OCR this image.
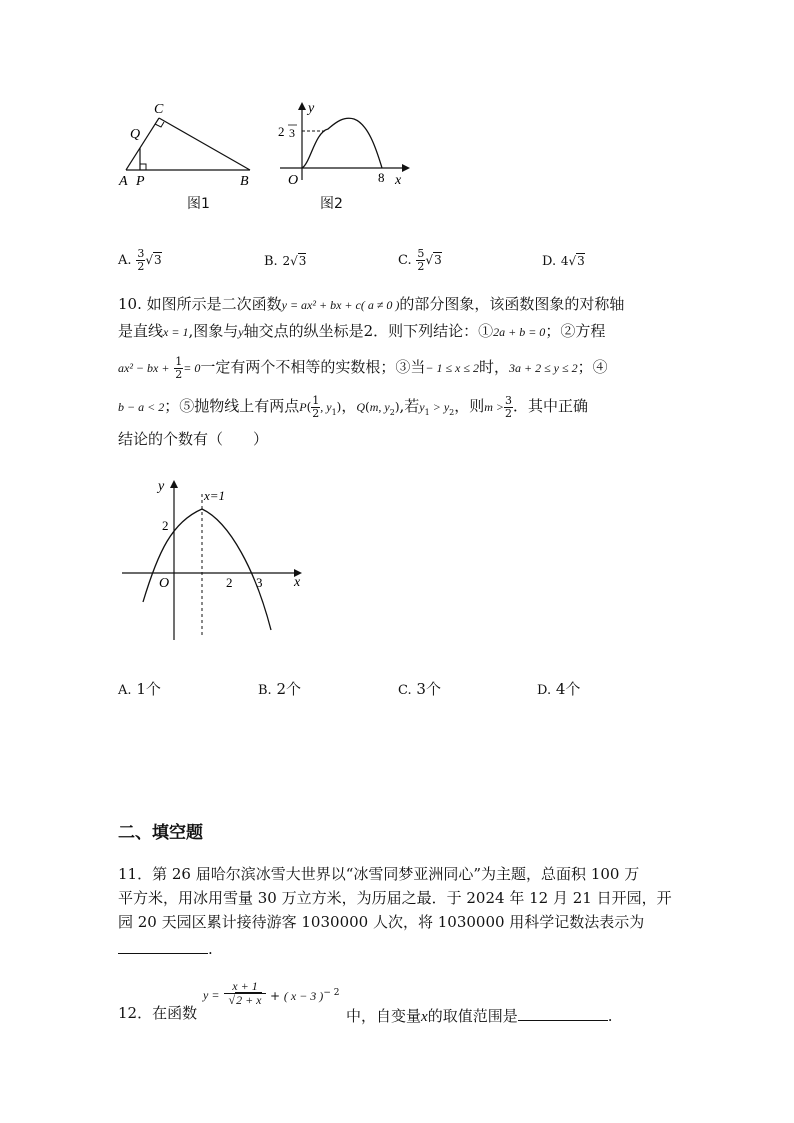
C
Q
A P	B
图1
y
2 3
O	8 x
图2
A. $\frac{3}{2} √3$	B. 2√3	C. $\frac{5}{2} √3$	D. 4√3
10. 如图所示是二次函数y = ax² + bx + c( a ≠ 0 )的部分图象，该函数图象的对称轴
是直线x = 1,图象与y轴交点的纵坐标是2．则下列结论：①2a + b = 0；②方程
ax² − bx + $\frac{1}{2} = 0$一定有两个不相等的实数根；③当− 1 ≤ x ≤ 2时，3a + 2 ≤ y ≤ 2；④
b − a < 2；⑤抛物线上有两点$P( \frac{1}{2}$ , $y_1$)，Q(m, $y_2$),若$y_1 > y_2$，则$m > \frac{3}{2}$ ．其中正确
结论的个数有（　　）
y
x=1
2
O	2 3 x
A. 1个	B. 2个	C. 3个	D. 4个
二、填空题
11．第 26 届哈尔滨冰雪大世界以“冰雪同梦亚洲同心”为主题，总面积 100 万
平方米，用冰用雪量 30 万立方米，为历届之最．于 2024 年 12 月 21 日开园，开
园 20 天园区累计接待游客 1030000 人次，将 1030000 用科学记数法表示为
.
12．在函数
$y = \frac{x + 1}{√2 + x}$ + ( x − 3 )$^{- 2}$
中，自变量x的取值范围是	.
